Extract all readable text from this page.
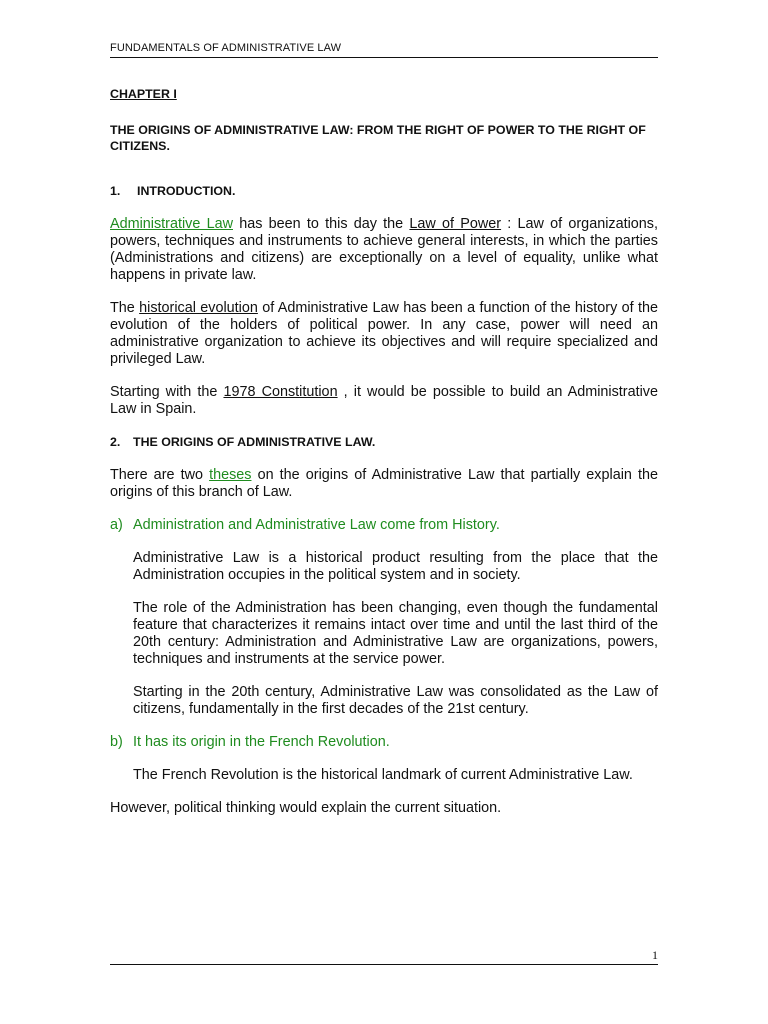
FUNDAMENTALS OF ADMINISTRATIVE LAW
CHAPTER I
THE ORIGINS OF ADMINISTRATIVE LAW: FROM THE RIGHT OF POWER TO THE RIGHT OF CITIZENS.
1. INTRODUCTION.

Administrative Law has been to this day the Law of Power : Law of organizations, powers, techniques and instruments to achieve general interests, in which the parties (Administrations and citizens) are exceptionally on a level of equality, unlike what happens in private law.

The historical evolution of Administrative Law has been a function of the history of the evolution of the holders of political power. In any case, power will need an administrative organization to achieve its objectives and will require specialized and privileged Law.

Starting with the 1978 Constitution , it would be possible to build an Administrative Law in Spain.

2. THE ORIGINS OF ADMINISTRATIVE LAW.

There are two theses on the origins of Administrative Law that partially explain the origins of this branch of Law.

a) Administration and Administrative Law come from History.

Administrative Law is a historical product resulting from the place that the Administration occupies in the political system and in society.

The role of the Administration has been changing, even though the fundamental feature that characterizes it remains intact over time and until the last third of the 20th century: Administration and Administrative Law are organizations, powers, techniques and instruments at the service power.

Starting in the 20th century, Administrative Law was consolidated as the Law of citizens, fundamentally in the first decades of the 21st century.

b) It has its origin in the French Revolution.

The French Revolution is the historical landmark of current Administrative Law.

However, political thinking would explain the current situation.

1
